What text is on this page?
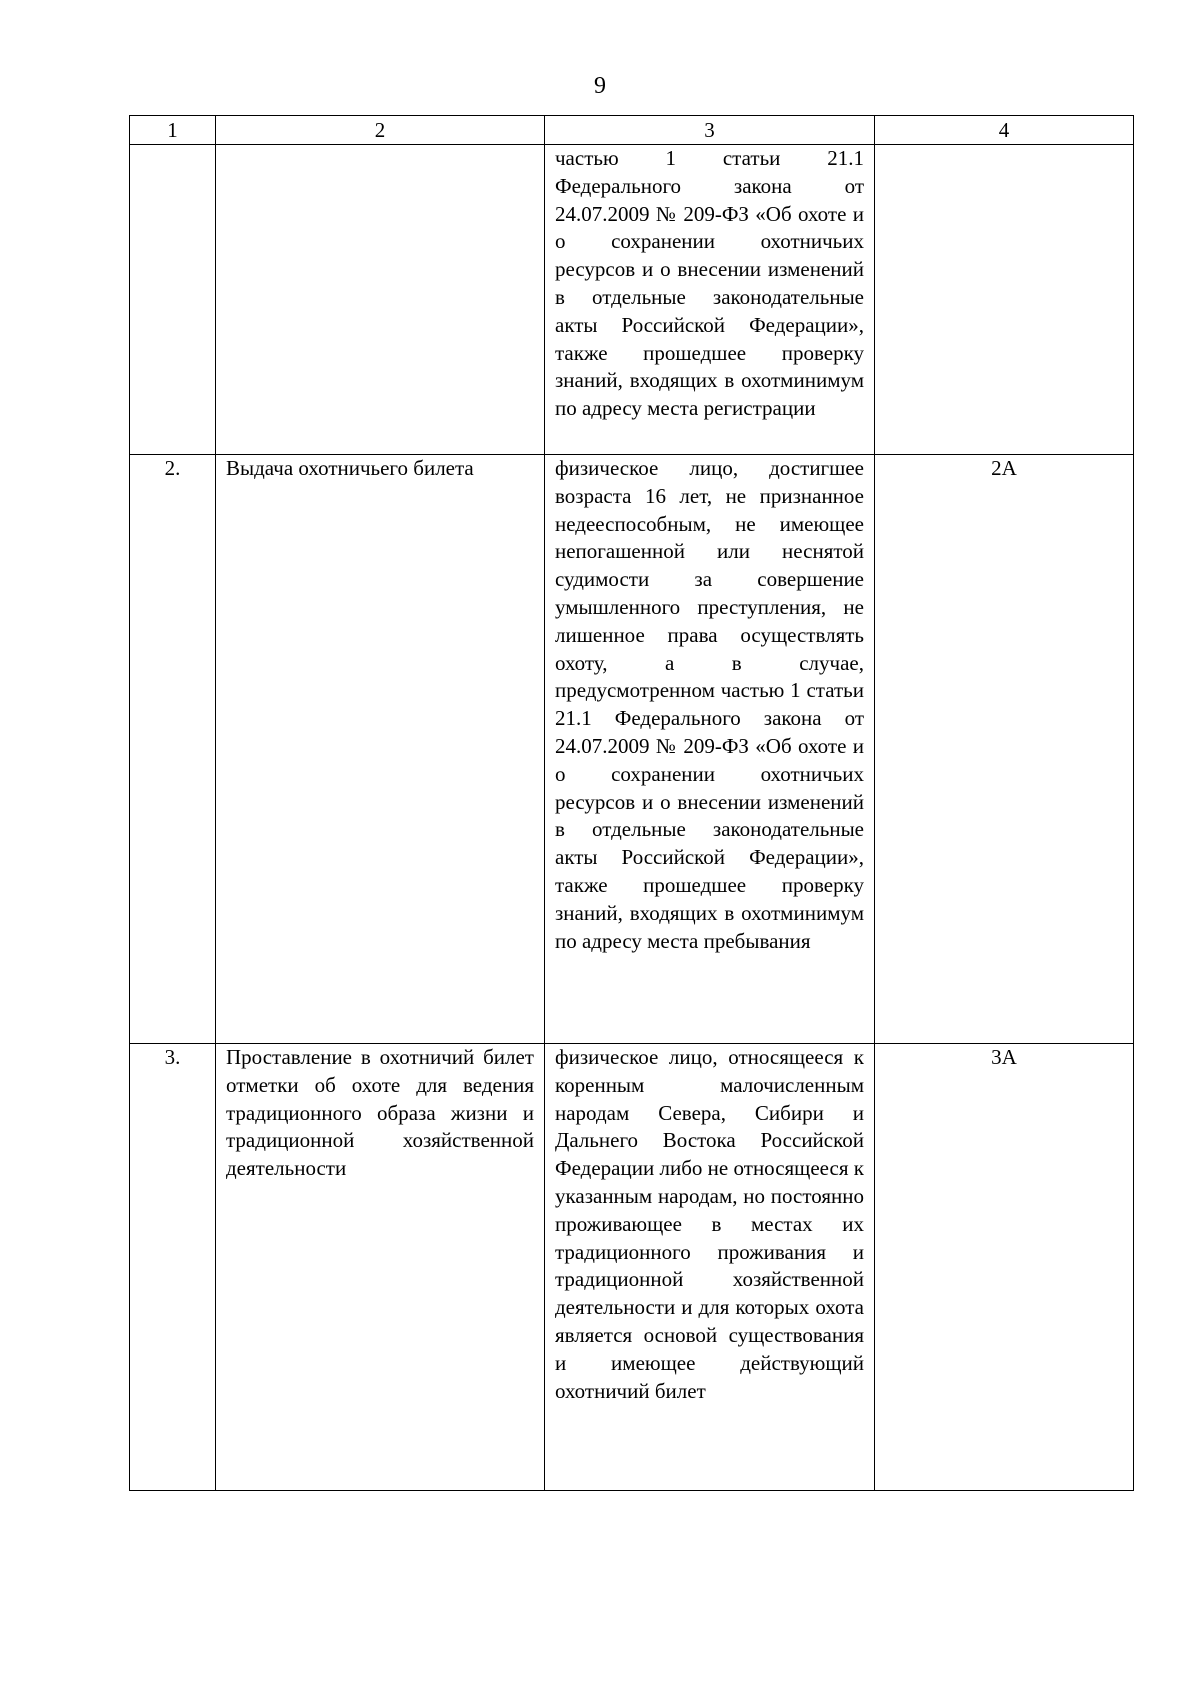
9
1	2	3	4
		частью 1 статьи 21.1 Федерального закона от 24.07.2009 № 209-ФЗ «Об охоте и о сохранении охотничьих ресурсов и о внесении изменений в отдельные законодательные акты Российской Федерации», также прошедшее проверку знаний, входящих в охотминимум по адресу места регистрации	
2.	Выдача охотничьего билета	физическое лицо, достигшее возраста 16 лет, не признанное недееспособным, не имеющее непогашенной или неснятой судимости за совершение умышленного преступления, не лишенное права осуществлять охоту, а в случае, предусмотренном частью 1 статьи 21.1 Федерального закона от 24.07.2009 № 209-ФЗ «Об охоте и о сохранении охотничьих ресурсов и о внесении изменений в отдельные законодательные акты Российской Федерации», также прошедшее проверку знаний, входящих в охотминимум по адресу места пребывания	2А
3.	Проставление в охотничий билет отметки об охоте для ведения традиционного образа жизни и традиционной хозяйственной деятельности	физическое лицо, относящееся к коренным малочисленным народам Севера, Сибири и Дальнего Востока Российской Федерации либо не относящееся к указанным народам, но постоянно проживающее в местах их традиционного проживания и традиционной хозяйственной деятельности и для которых охота является основой существования и имеющее действующий охотничий билет	3А
